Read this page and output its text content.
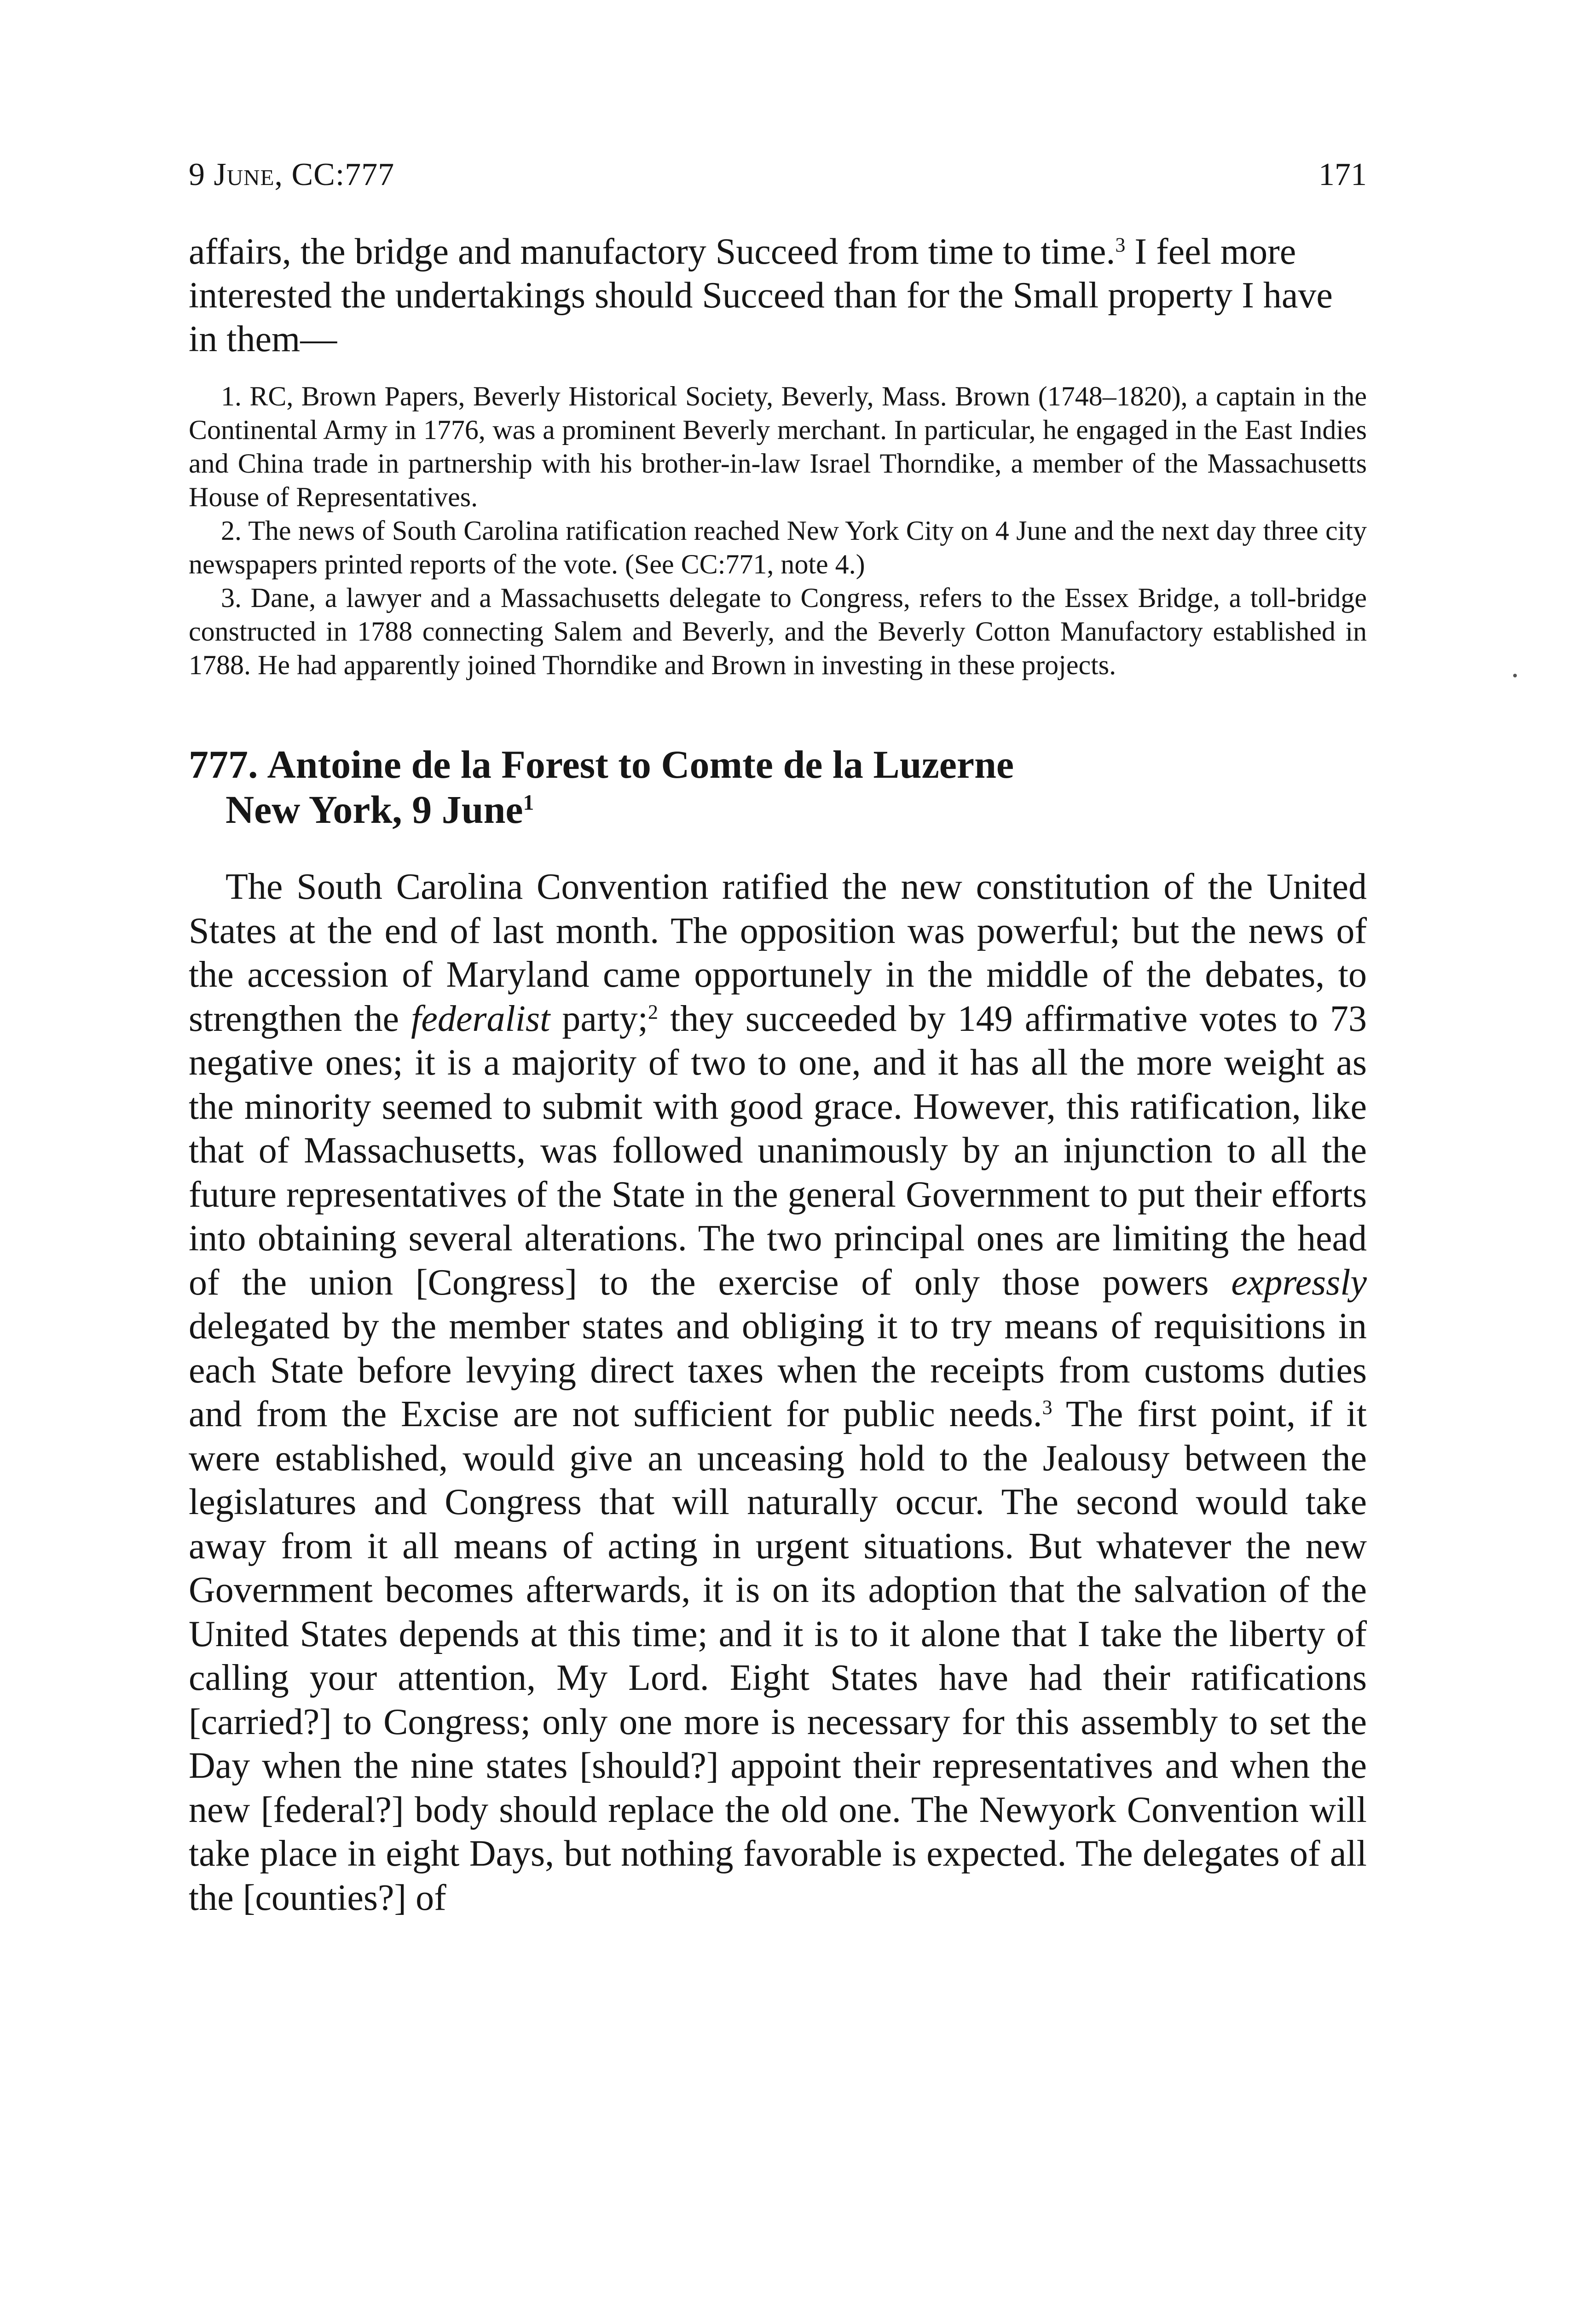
9 June, CC:777	171

affairs, the bridge and manufactory Succeed from time to time.$^3$ I feel more interested the undertakings should Succeed than for the Small property I have in them—

1. RC, Brown Papers, Beverly Historical Society, Beverly, Mass. Brown (1748–1820), a captain in the Continental Army in 1776, was a prominent Beverly merchant. In particular, he engaged in the East Indies and China trade in partnership with his brother-in-law Israel Thorndike, a member of the Massachusetts House of Representatives.

2. The news of South Carolina ratification reached New York City on 4 June and the next day three city newspapers printed reports of the vote. (See CC:771, note 4.)

3. Dane, a lawyer and a Massachusetts delegate to Congress, refers to the Essex Bridge, a toll-bridge constructed in 1788 connecting Salem and Beverly, and the Beverly Cotton Manufactory established in 1788. He had apparently joined Thorndike and Brown in investing in these projects.

777. Antoine de la Forest to Comte de la Luzerne
New York, 9 June$^1$

The South Carolina Convention ratified the new constitution of the United States at the end of last month. The opposition was powerful; but the news of the accession of Maryland came opportunely in the middle of the debates, to strengthen the federalist party;$^2$ they succeeded by 149 affirmative votes to 73 negative ones; it is a majority of two to one, and it has all the more weight as the minority seemed to submit with good grace. However, this ratification, like that of Massachusetts, was followed unanimously by an injunction to all the future representatives of the State in the general Government to put their efforts into obtaining several alterations. The two principal ones are limiting the head of the union [Congress] to the exercise of only those powers expressly delegated by the member states and obliging it to try means of requisitions in each State before levying direct taxes when the receipts from customs duties and from the Excise are not sufficient for public needs.$^3$ The first point, if it were established, would give an unceasing hold to the Jealousy between the legislatures and Congress that will naturally occur. The second would take away from it all means of acting in urgent situations. But whatever the new Government becomes afterwards, it is on its adoption that the salvation of the United States depends at this time; and it is to it alone that I take the liberty of calling your attention, My Lord. Eight States have had their ratifications [carried?] to Congress; only one more is necessary for this assembly to set the Day when the nine states [should?] appoint their representatives and when the new [federal?] body should replace the old one. The Newyork Convention will take place in eight Days, but nothing favorable is expected. The delegates of all the [counties?] of
